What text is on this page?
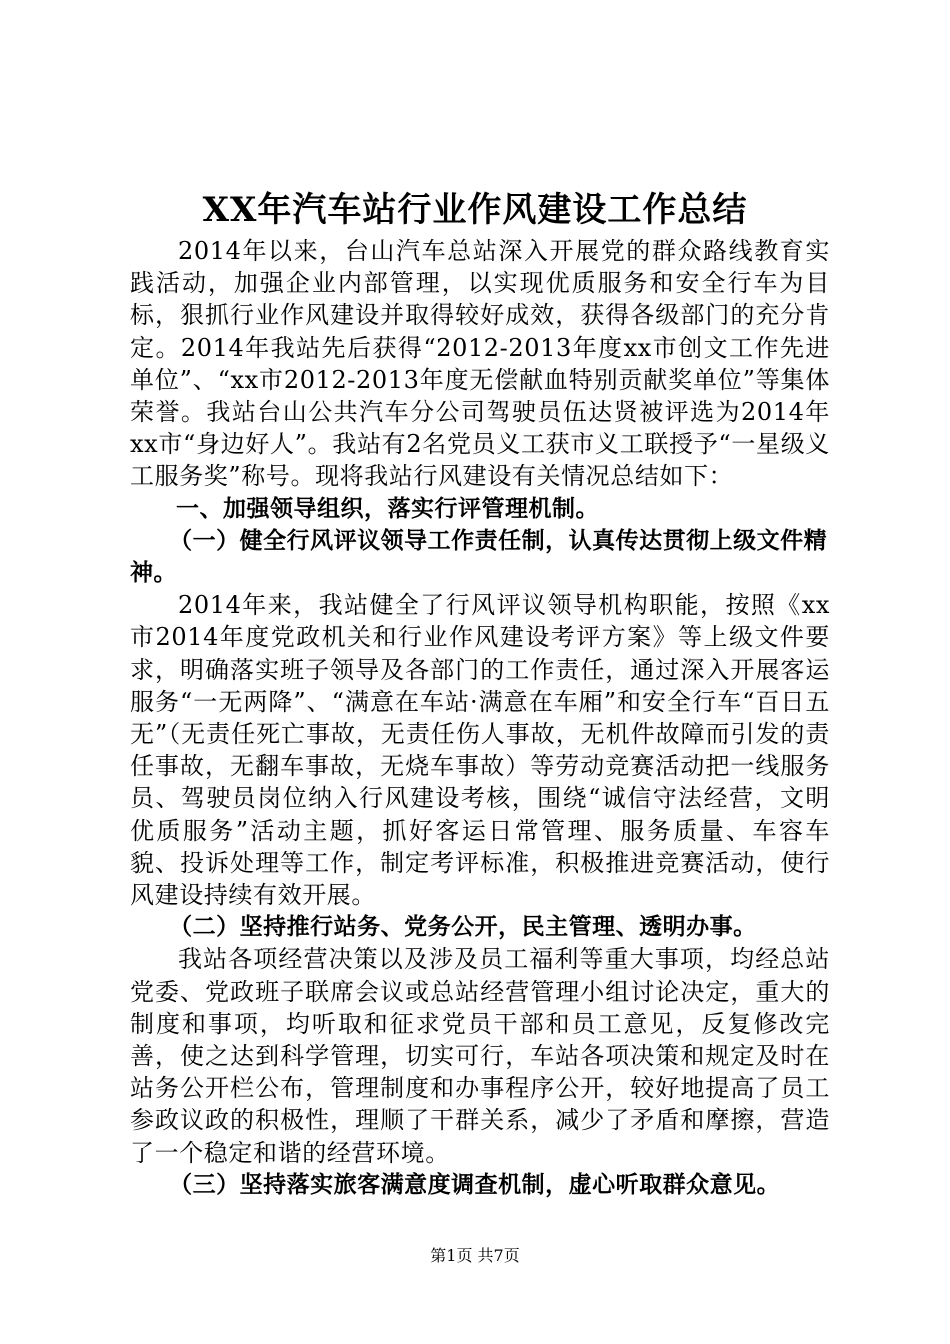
XX年汽车站行业作风建设工作总结

2014年以来，台山汽车总站深入开展党的群众路线教育实践活动，加强企业内部管理，以实现优质服务和安全行车为目标，狠抓行业作风建设并取得较好成效，获得各级部门的充分肯定。2014年我站先后获得“2012-2013年度xx市创文工作先进单位”、“xx市2012-2013年度无偿献血特别贡献奖单位”等集体荣誉。我站台山公共汽车分公司驾驶员伍达贤被评选为2014年xx市“身边好人”。我站有2名党员义工获市义工联授予“一星级义工服务奖”称号。现将我站行风建设有关情况总结如下：

一、加强领导组织，落实行评管理机制。

（一）健全行风评议领导工作责任制，认真传达贯彻上级文件精神。

2014年来，我站健全了行风评议领导机构职能，按照《xx市2014年度党政机关和行业作风建设考评方案》等上级文件要求，明确落实班子领导及各部门的工作责任，通过深入开展客运服务“一无两降”、“满意在车站·满意在车厢”和安全行车“百日五无”（无责任死亡事故，无责任伤人事故，无机件故障而引发的责任事故，无翻车事故，无烧车事故）等劳动竞赛活动把一线服务员、驾驶员岗位纳入行风建设考核，围绕“诚信守法经营，文明优质服务”活动主题，抓好客运日常管理、服务质量、车容车貌、投诉处理等工作，制定考评标准，积极推进竞赛活动，使行风建设持续有效开展。

（二）坚持推行站务、党务公开，民主管理、透明办事。

我站各项经营决策以及涉及员工福利等重大事项，均经总站党委、党政班子联席会议或总站经营管理小组讨论决定，重大的制度和事项，均听取和征求党员干部和员工意见，反复修改完善，使之达到科学管理，切实可行，车站各项决策和规定及时在站务公开栏公布，管理制度和办事程序公开，较好地提高了员工参政议政的积极性，理顺了干群关系，减少了矛盾和摩擦，营造了一个稳定和谐的经营环境。

（三）坚持落实旅客满意度调查机制，虚心听取群众意见。

第1页 共7页
